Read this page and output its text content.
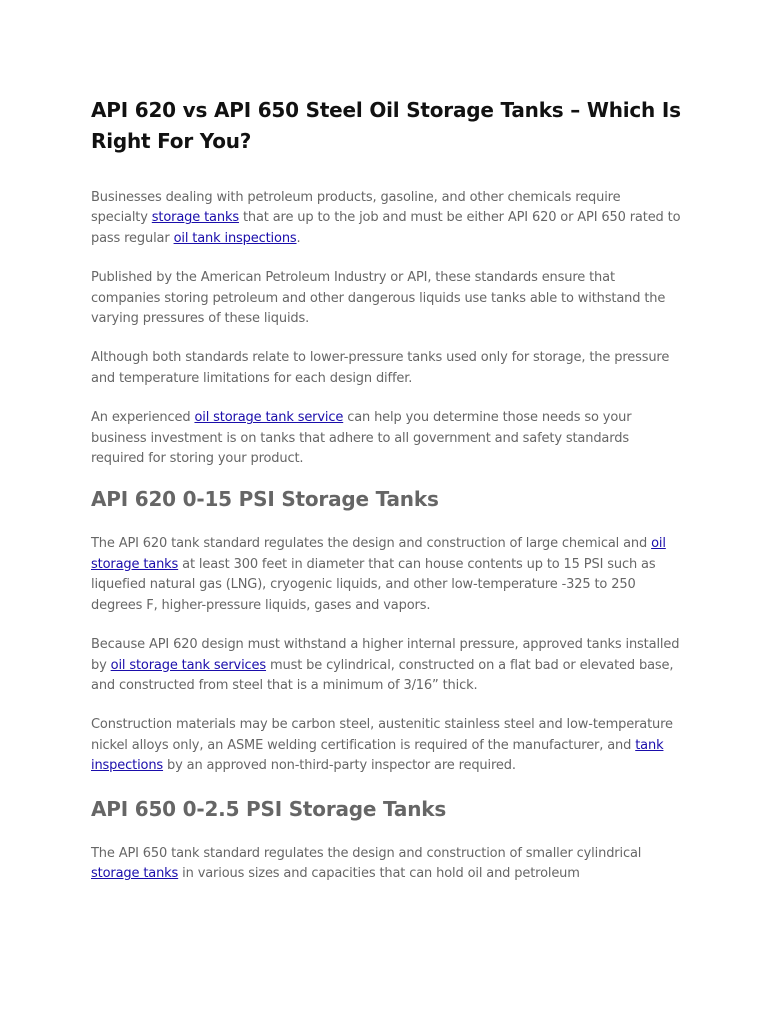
API 620 vs API 650 Steel Oil Storage Tanks – Which Is Right For You?

Businesses dealing with petroleum products, gasoline, and other chemicals require specialty storage tanks that are up to the job and must be either API 620 or API 650 rated to pass regular oil tank inspections.

Published by the American Petroleum Industry or API, these standards ensure that companies storing petroleum and other dangerous liquids use tanks able to withstand the varying pressures of these liquids.

Although both standards relate to lower-pressure tanks used only for storage, the pressure and temperature limitations for each design differ.

An experienced oil storage tank service can help you determine those needs so your business investment is on tanks that adhere to all government and safety standards required for storing your product.

API 620 0-15 PSI Storage Tanks

The API 620 tank standard regulates the design and construction of large chemical and oil storage tanks at least 300 feet in diameter that can house contents up to 15 PSI such as liquefied natural gas (LNG), cryogenic liquids, and other low-temperature -325 to 250 degrees F, higher-pressure liquids, gases and vapors.

Because API 620 design must withstand a higher internal pressure, approved tanks installed by oil storage tank services must be cylindrical, constructed on a flat bad or elevated base, and constructed from steel that is a minimum of 3/16” thick.

Construction materials may be carbon steel, austenitic stainless steel and low-temperature nickel alloys only, an ASME welding certification is required of the manufacturer, and tank inspections by an approved non-third-party inspector are required.

API 650 0-2.5 PSI Storage Tanks

The API 650 tank standard regulates the design and construction of smaller cylindrical storage tanks in various sizes and capacities that can hold oil and petroleum
